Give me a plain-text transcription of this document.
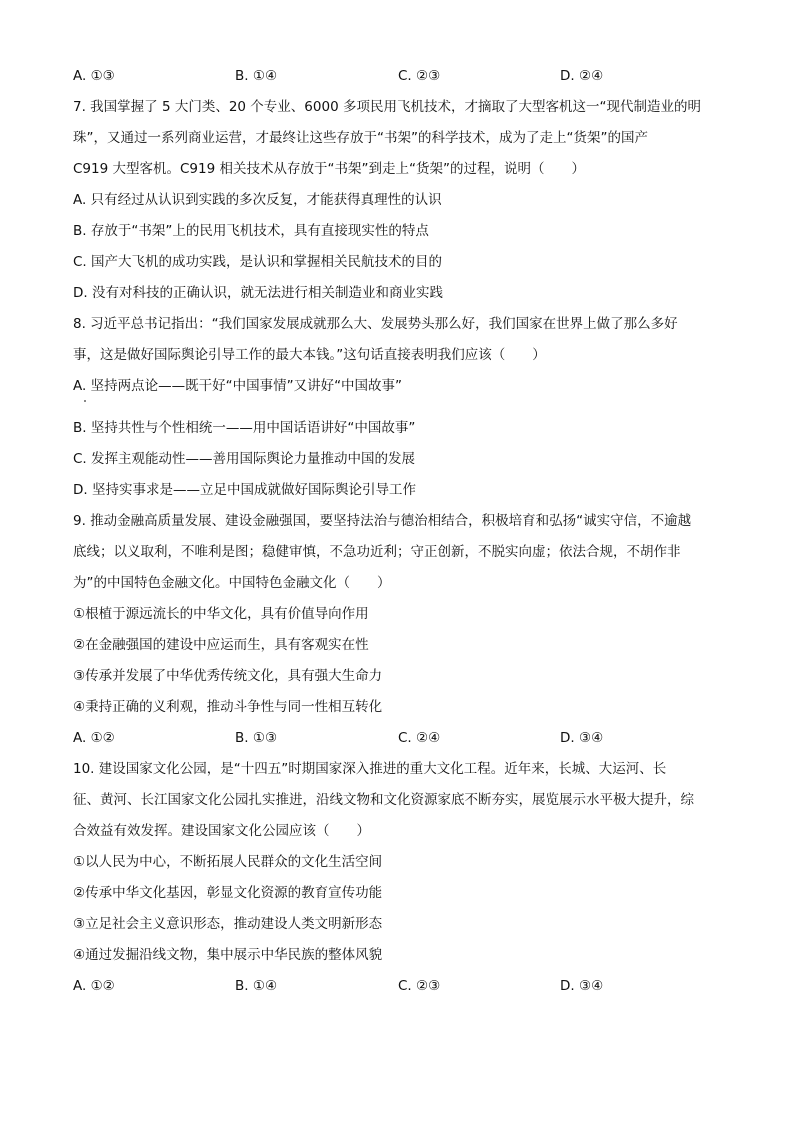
A. ①③	B. ①④	C. ②③	D. ②④
7. 我国掌握了 5 大门类、20 个专业、6000 多项民用飞机技术，才摘取了大型客机这一“现代制造业的明
珠”，又通过一系列商业运营，才最终让这些存放于“书架”的科学技术，成为了走上“货架”的国产
C919 大型客机。C919 相关技术从存放于“书架”到走上“货架”的过程，说明（　　）
A. 只有经过从认识到实践的多次反复，才能获得真理性的认识
B. 存放于“书架”上的民用飞机技术，具有直接现实性的特点
C. 国产大飞机的成功实践，是认识和掌握相关民航技术的目的
D. 没有对科技的正确认识，就无法进行相关制造业和商业实践
8. 习近平总书记指出：“我们国家发展成就那么大、发展势头那么好，我们国家在世界上做了那么多好
事，这是做好国际舆论引导工作的最大本钱。”这句话直接表明我们应该（　　）
A. 坚持两点论——既干好“中国事情”又讲好“中国故事”
B. 坚持共性与个性相统一——用中国话语讲好“中国故事”
C. 发挥主观能动性——善用国际舆论力量推动中国的发展
D. 坚持实事求是——立足中国成就做好国际舆论引导工作
9. 推动金融高质量发展、建设金融强国，要坚持法治与德治相结合，积极培育和弘扬“诚实守信，不逾越
底线；以义取利，不唯利是图；稳健审慎，不急功近利；守正创新，不脱实向虚；依法合规，不胡作非
为”的中国特色金融文化。中国特色金融文化（　　）
①根植于源远流长的中华文化，具有价值导向作用
②在金融强国的建设中应运而生，具有客观实在性
③传承并发展了中华优秀传统文化，具有强大生命力
④秉持正确的义利观，推动斗争性与同一性相互转化
A. ①②	B. ①③	C. ②④	D. ③④
10. 建设国家文化公园，是“十四五”时期国家深入推进的重大文化工程。近年来，长城、大运河、长
征、黄河、长江国家文化公园扎实推进，沿线文物和文化资源家底不断夯实，展览展示水平极大提升，综
合效益有效发挥。建设国家文化公园应该（　　）
①以人民为中心，不断拓展人民群众的文化生活空间
②传承中华文化基因，彰显文化资源的教育宣传功能
③立足社会主义意识形态，推动建设人类文明新形态
④通过发掘沿线文物，集中展示中华民族的整体风貌
A. ①②	B. ①④	C. ②③	D. ③④
